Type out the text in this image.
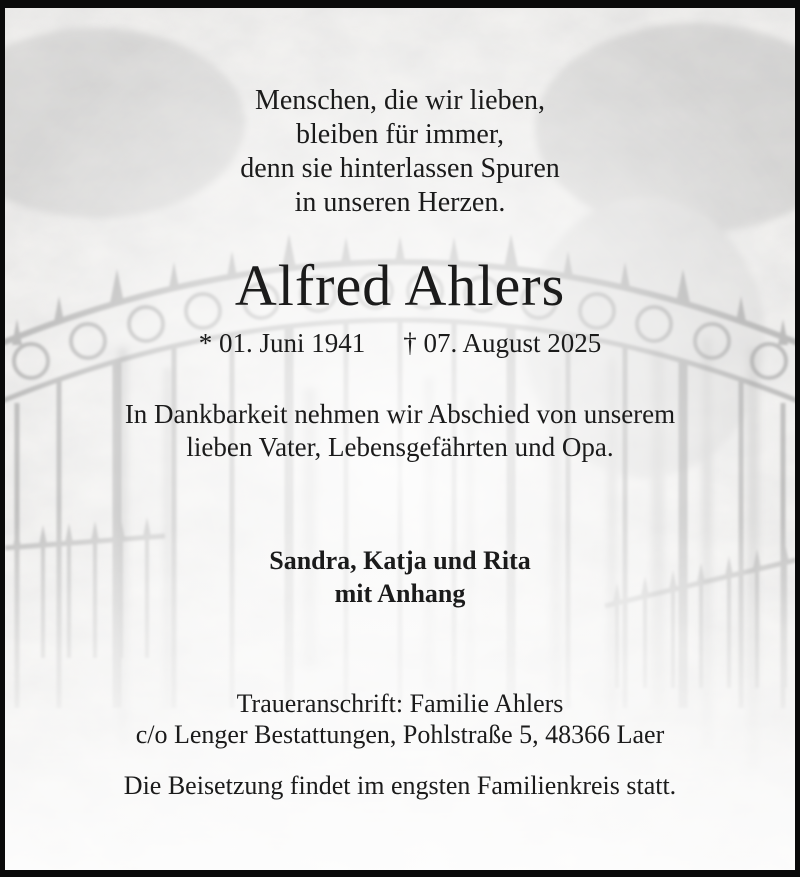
Menschen, die wir lieben,
bleiben für immer,
denn sie hinterlassen Spuren
in unseren Herzen.
Alfred Ahlers
* 01. Juni 1941 † 07. August 2025
In Dankbarkeit nehmen wir Abschied von unserem
lieben Vater, Lebensgefährten und Opa.
Sandra, Katja und Rita
mit Anhang
Traueranschrift: Familie Ahlers
c/o Lenger Bestattungen, Pohlstraße 5, 48366 Laer
Die Beisetzung findet im engsten Familienkreis statt.
